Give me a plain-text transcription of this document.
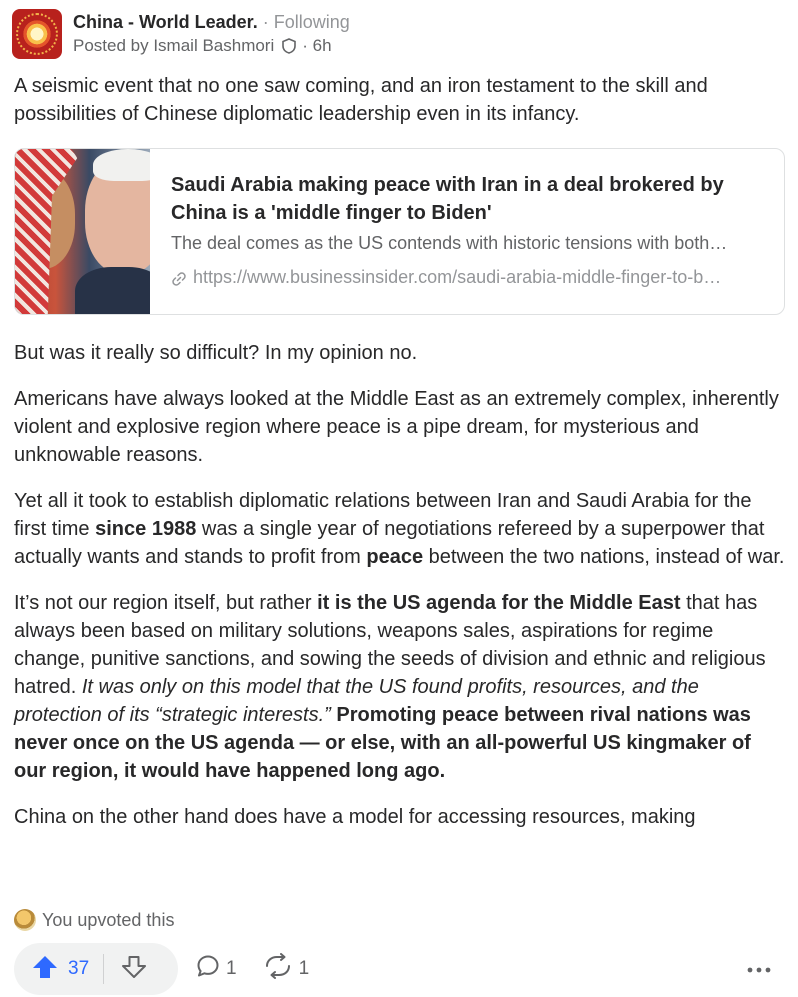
China - World Leader. · Following
Posted by Ismail Bashmori · 6h

A seismic event that no one saw coming, and an iron testament to the skill and possibilities of Chinese diplomatic leadership even in its infancy.

Saudi Arabia making peace with Iran in a deal brokered by China is a 'middle finger to Biden'
The deal comes as the US contends with historic tensions with both…
https://www.businessinsider.com/saudi-arabia-middle-finger-to-b…

But was it really so difficult? In my opinion no.

Americans have always looked at the Middle East as an extremely complex, inherently violent and explosive region where peace is a pipe dream, for mysterious and unknowable reasons.

Yet all it took to establish diplomatic relations between Iran and Saudi Arabia for the first time since 1988 was a single year of negotiations refereed by a superpower that actually wants and stands to profit from peace between the two nations, instead of war.

It’s not our region itself, but rather it is the US agenda for the Middle East that has always been based on military solutions, weapons sales, aspirations for regime change, punitive sanctions, and sowing the seeds of division and ethnic and religious hatred. It was only on this model that the US found profits, resources, and the protection of its “strategic interests.” Promoting peace between rival nations was never once on the US agenda — or else, with an all-powerful US kingmaker of our region, it would have happened long ago.

China on the other hand does have a model for accessing resources, making

You upvoted this
37	1	1
